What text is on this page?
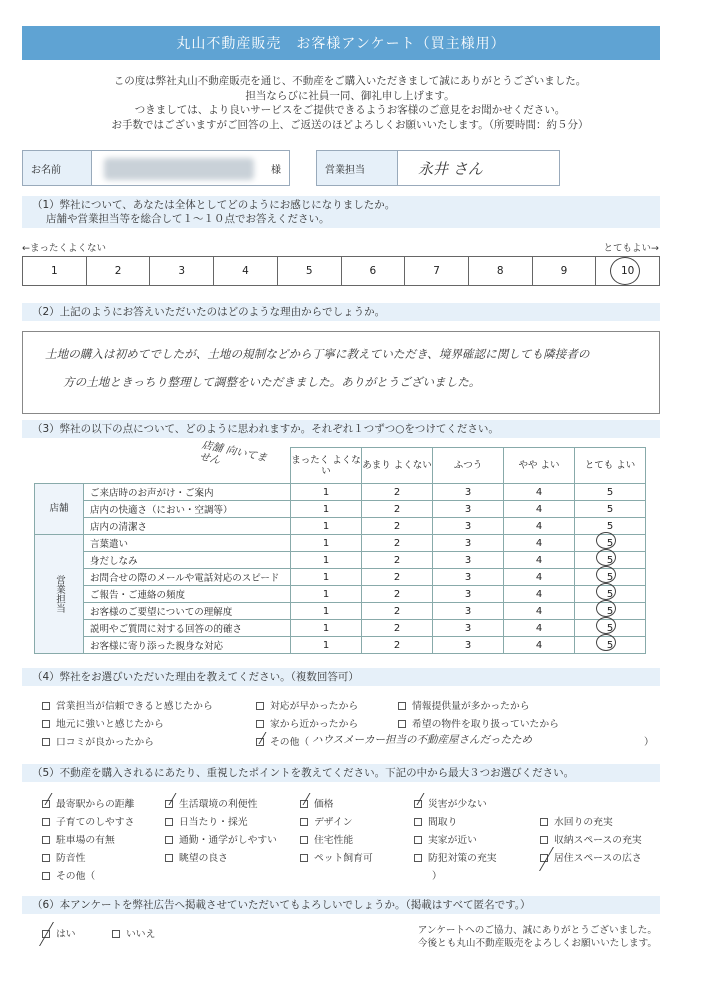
丸山不動産販売　お客様アンケート（買主様用）
この度は弊社丸山不動産販売を通じ、不動産をご購入いただきまして誠にありがとうございました。
担当ならびに社員一同、御礼申し上げます。
つきましては、より良いサービスをご提供できるようお客様のご意見をお聞かせください。
お手数ではございますがご回答の上、ご返送のほどよろしくお願いいたします。（所要時間：約５分）
お名前	様	営業担当	永井 さん
（1）弊社について、あなたは全体としてどのようにお感じになりましたか。
店舗や営業担当等を総合して１～１０点でお答えください。
←まったくよくない	とてもよい→
1	2	3	4	5	6	7	8	9	10
（2）上記のようにお答えいただいたのはどのような理由からでしょうか。
土地の購入は初めてでしたが、土地の規制などから丁寧に教えていただき、境界確認に関しても隣接者の
方の土地ときっちり整理して調整をいただきました。ありがとうございました。
（3）弊社の以下の点について、どのように思われますか。それぞれ１つずつ○をつけてください。
店舗 向いてません
		まったく よくない	あまり よくない	ふつう	やや よい	とても よい
店舗	ご来店時のお声がけ・ご案内	1	2	3	4	5
	店内の快適さ（におい・空調等）	1	2	3	4	5
	店内の清潔さ	1	2	3	4	5
営業担当	言葉遣い	1	2	3	4	5
	身だしなみ	1	2	3	4	5
	お問合せの際のメールや電話対応のスピード	1	2	3	4	5
	ご報告・ご連絡の頻度	1	2	3	4	5
	お客様のご要望についての理解度	1	2	3	4	5
	説明やご質問に対する回答の的確さ	1	2	3	4	5
	お客様に寄り添った親身な対応	1	2	3	4	5
（4）弊社をお選びいただいた理由を教えてください。（複数回答可）
営業担当が信頼できると感じたから	対応が早かったから	情報提供量が多かったから
地元に強いと感じたから	家から近かったから	希望の物件を取り扱っていたから
口コミが良かったから	その他（ ハウスメーカー担当の不動産屋さんだったため	）
（5）不動産を購入されるにあたり、重視したポイントを教えてください。下記の中から最大３つお選びください。
最寄駅からの距離	生活環境の利便性	価格	災害が少ない
子育てのしやすさ	日当たり・採光	デザイン	間取り	水回りの充実
駐車場の有無	通勤・通学がしやすい	住宅性能	実家が近い	収納スペースの充実
防音性	眺望の良さ	ペット飼育可	防犯対策の充実	居住スペースの広さ
その他（	）
（6）本アンケートを弊社広告へ掲載させていただいてもよろしいでしょうか。（掲載はすべて匿名です。）
はい	いいえ	アンケートへのご協力、誠にありがとうございました。
今後とも丸山不動産販売をよろしくお願いいたします。
